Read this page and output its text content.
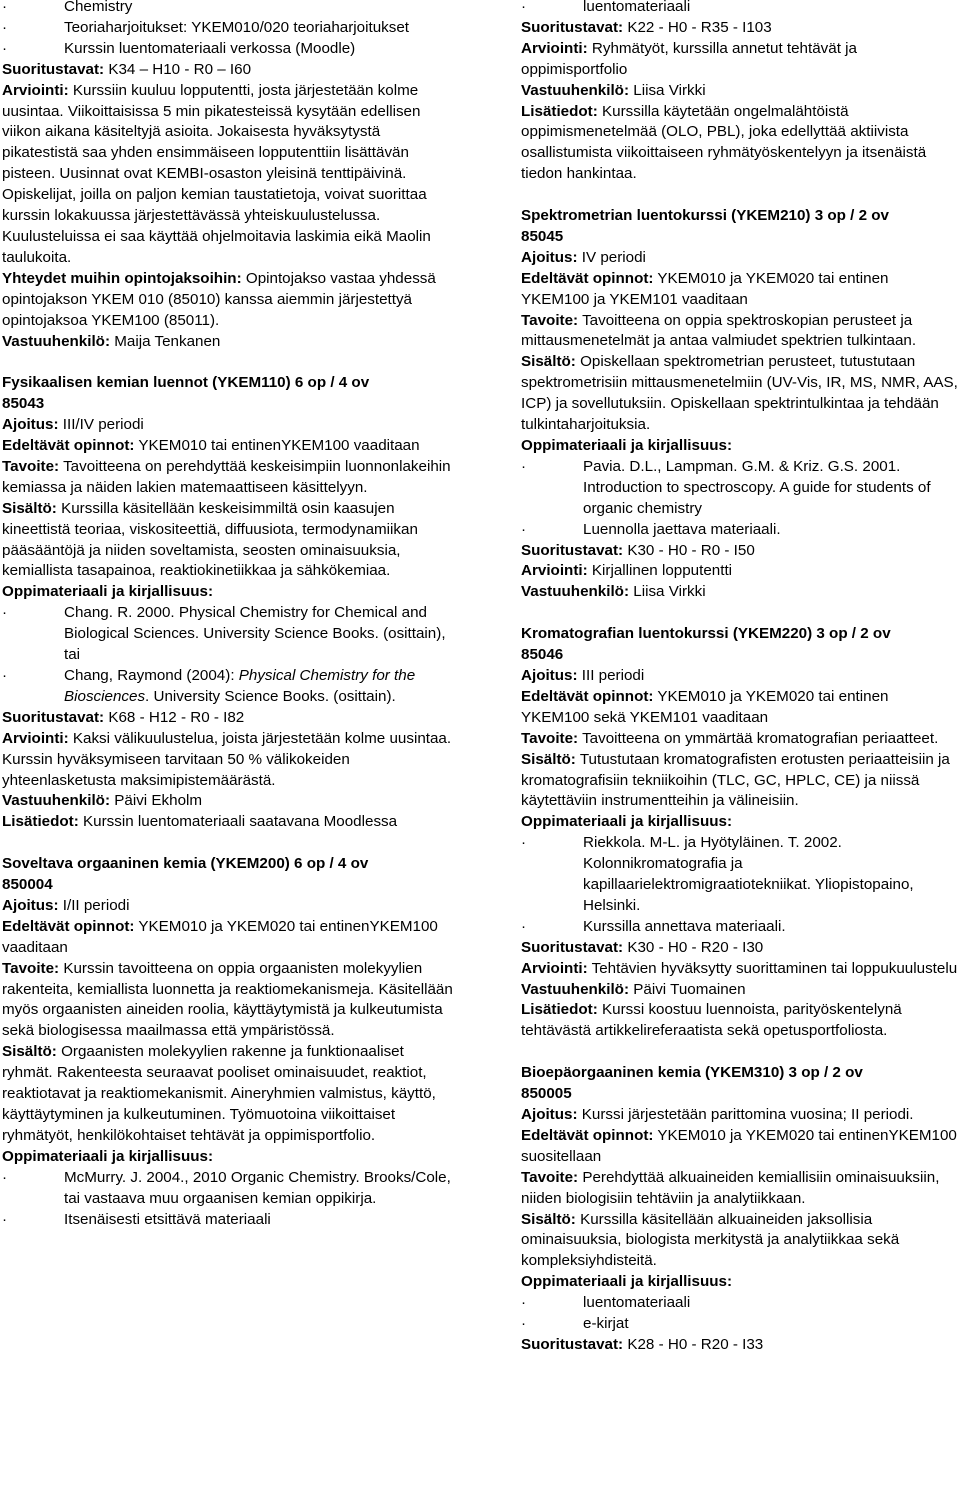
·	Chemistry

·	Teoriaharjoitukset: YKEM010/020 teoriaharjoitukset

·	Kurssin luentomateriaali verkossa (Moodle)

Suoritustavat: K34 – H10 - R0 – I60

Arviointi: Kurssiin kuuluu lopputentti, josta järjestetään kolme uusintaa. Viikoittaisissa 5 min pikatesteissä kysytään edellisen viikon aikana käsiteltyjä asioita. Jokaisesta hyväksytystä pikatestistä saa yhden ensimmäiseen lopputenttiin lisättävän pisteen. Uusinnat ovat KEMBI-osaston yleisinä tenttipäivinä. Opiskelijat, joilla on paljon kemian taustatietoja, voivat suorittaa kurssin lokakuussa järjestettävässä yhteiskuulustelussa. Kuulusteluissa ei saa käyttää ohjelmoitavia laskimia eikä Maolin taulukoita.

Yhteydet muihin opintojaksoihin: Opintojakso vastaa yhdessä opintojakson YKEM 010 (85010) kanssa aiemmin järjestettyä opintojaksoa YKEM100 (85011).

Vastuuhenkilö: Maija Tenkanen

Fysikaalisen kemian luennot (YKEM110) 6 op / 4 ov
85043

Ajoitus: III/IV periodi

Edeltävät opinnot: YKEM010 tai entinenYKEM100 vaaditaan

Tavoite: Tavoitteena on perehdyttää keskeisimpiin luonnonlakeihin kemiassa ja näiden lakien matemaattiseen käsittelyyn.

Sisältö: Kurssilla käsitellään keskeisimmiltä osin kaasujen kineettistä teoriaa, viskositeettiä, diffuusiota, termodynamiikan pääsääntöjä ja niiden soveltamista, seosten ominaisuuksia, kemiallista tasapainoa, reaktiokinetiikkaa ja sähkökemiaa.

Oppimateriaali ja kirjallisuus:

·	Chang. R. 2000. Physical Chemistry for Chemical and Biological Sciences. University Science Books. (osittain), tai

·	Chang, Raymond (2004): Physical Chemistry for the Biosciences. University Science Books. (osittain).

Suoritustavat: K68 - H12 - R0 - I82

Arviointi: Kaksi välikuulustelua, joista järjestetään kolme uusintaa. Kurssin hyväksymiseen tarvitaan 50 % välikokeiden yhteenlasketusta maksimipistemäärästä.

Vastuuhenkilö: Päivi Ekholm

Lisätiedot: Kurssin luentomateriaali saatavana Moodlessa

Soveltava orgaaninen kemia (YKEM200) 6 op / 4 ov
850004

Ajoitus: I/II periodi

Edeltävät opinnot: YKEM010 ja YKEM020 tai entinenYKEM100 vaaditaan

Tavoite: Kurssin tavoitteena on oppia orgaanisten molekyylien rakenteita, kemiallista luonnetta ja reaktiomekanismeja. Käsitellään myös orgaanisten aineiden roolia, käyttäytymistä ja kulkeutumista sekä biologisessa maailmassa että ympäristössä.

Sisältö: Orgaanisten molekyylien rakenne ja funktionaaliset ryhmät. Rakenteesta seuraavat pooliset ominaisuudet, reaktiot, reaktiotavat ja reaktiomekanismit. Aineryhmien valmistus, käyttö, käyttäytyminen ja kulkeutuminen. Työmuotoina viikoittaiset ryhmätyöt, henkilökohtaiset tehtävät ja oppimisportfolio.

Oppimateriaali ja kirjallisuus:

·	McMurry. J. 2004., 2010 Organic Chemistry. Brooks/Cole, tai vastaava muu orgaanisen kemian oppikirja.

·	Itsenäisesti etsittävä materiaali

·	luentomateriaali

Suoritustavat: K22 - H0 - R35 - I103

Arviointi: Ryhmätyöt, kurssilla annetut tehtävät ja oppimisportfolio

Vastuuhenkilö: Liisa Virkki

Lisätiedot: Kurssilla käytetään ongelmalähtöistä oppimismenetelmää (OLO, PBL), joka edellyttää aktiivista osallistumista viikoittaiseen ryhmätyöskentelyyn ja itsenäistä tiedon hankintaa.

Spektrometrian luentokurssi (YKEM210) 3 op / 2 ov
85045

Ajoitus: IV periodi

Edeltävät opinnot: YKEM010 ja YKEM020 tai entinen YKEM100 ja YKEM101 vaaditaan

Tavoite: Tavoitteena on oppia spektroskopian perusteet ja mittausmenetelmät ja antaa valmiudet spektrien tulkintaan.

Sisältö: Opiskellaan spektrometrian perusteet, tutustutaan spektrometrisiin mittausmenetelmiin (UV-Vis, IR, MS, NMR, AAS, ICP) ja sovellutuksiin. Opiskellaan spektrintulkintaa ja tehdään tulkintaharjoituksia.

Oppimateriaali ja kirjallisuus:

·	Pavia. D.L., Lampman. G.M. & Kriz. G.S. 2001. Introduction to spectroscopy. A guide for students of organic chemistry

·	Luennolla jaettava materiaali.

Suoritustavat: K30 - H0 - R0 - I50

Arviointi: Kirjallinen lopputentti

Vastuuhenkilö: Liisa Virkki

Kromatografian luentokurssi (YKEM220) 3 op / 2 ov
85046

Ajoitus: III periodi

Edeltävät opinnot: YKEM010 ja YKEM020 tai entinen YKEM100 sekä YKEM101 vaaditaan

Tavoite: Tavoitteena on ymmärtää kromatografian periaatteet.

Sisältö: Tutustutaan kromatografisten erotusten periaatteisiin ja kromatografisiin tekniikoihin (TLC, GC, HPLC, CE) ja niissä käytettäviin instrumentteihin ja välineisiin.

Oppimateriaali ja kirjallisuus:

·	Riekkola. M-L. ja Hyötyläinen. T. 2002. Kolonnikromatografia ja kapillaarielektromigraatiotekniikat. Yliopistopaino, Helsinki.

·	Kurssilla annettava materiaali.

Suoritustavat: K30 - H0 - R20 - I30

Arviointi: Tehtävien hyväksytty suorittaminen tai loppukuulustelu

Vastuuhenkilö: Päivi Tuomainen

Lisätiedot: Kurssi koostuu luennoista, parityöskentelynä tehtävästä artikkelireferaatista sekä opetusportfoliosta.

Bioepäorgaaninen kemia (YKEM310) 3 op / 2 ov
850005

Ajoitus: Kurssi järjestetään parittomina vuosina; II periodi.

Edeltävät opinnot: YKEM010 ja YKEM020 tai entinenYKEM100 suositellaan

Tavoite: Perehdyttää alkuaineiden kemiallisiin ominaisuuksiin, niiden biologisiin tehtäviin ja analytiikkaan.

Sisältö: Kurssilla käsitellään alkuaineiden jaksollisia ominaisuuksia, biologista merkitystä ja analytiikkaa sekä kompleksiyhdisteitä.

Oppimateriaali ja kirjallisuus:

·	luentomateriaali

·	e-kirjat

Suoritustavat: K28 - H0 - R20 - I33
